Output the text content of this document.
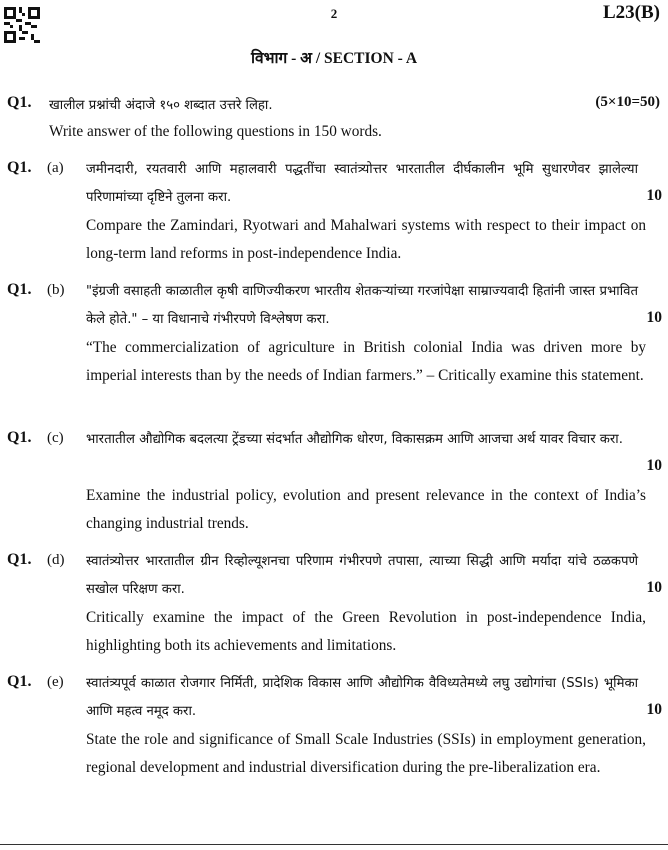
2	L23(B)
विभाग - अ / SECTION - A
Q1. खालील प्रश्नांची अंदाजे १५० शब्दात उत्तरे लिहा.	(5×10=50)
Write answer of the following questions in 150 words.
Q1. (a) जमीनदारी, रयतवारी आणि महालवारी पद्धतींचा स्वातंत्र्योत्तर भारतातील दीर्घकालीन भूमि सुधारणेवर झालेल्या परिणामांच्या दृष्टिने तुलना करा.	10
Compare the Zamindari, Ryotwari and Mahalwari systems with respect to their impact on long-term land reforms in post-independence India.
Q1. (b) "इंग्रजी वसाहती काळातील कृषी वाणिज्यीकरण भारतीय शेतकऱ्यांच्या गरजांपेक्षा साम्राज्यवादी हितांनी जास्त प्रभावित केले होते." – या विधानाचे गंभीरपणे विश्लेषण करा.	10
“The commercialization of agriculture in British colonial India was driven more by imperial interests than by the needs of Indian farmers.” – Critically examine this statement.
Q1. (c) भारतातील औद्योगिक बदलत्या ट्रेंडच्या संदर्भात औद्योगिक धोरण, विकासक्रम आणि आजचा अर्थ यावर विचार करा.
10
Examine the industrial policy, evolution and present relevance in the context of India’s changing industrial trends.
Q1. (d) स्वातंत्र्योत्तर भारतातील ग्रीन रिव्होल्यूशनचा परिणाम गंभीरपणे तपासा, त्याच्या सिद्धी आणि मर्यादा यांचे ठळकपणे सखोल परिक्षण करा.	10
Critically examine the impact of the Green Revolution in post-independence India, highlighting both its achievements and limitations.
Q1. (e) स्वातंत्र्यपूर्व काळात रोजगार निर्मिती, प्रादेशिक विकास आणि औद्योगिक वैविध्यतेमध्ये लघु उद्योगांचा (SSIs) भूमिका आणि महत्व नमूद करा.	10
State the role and significance of Small Scale Industries (SSIs) in employment generation, regional development and industrial diversification during the pre-liberalization era.
